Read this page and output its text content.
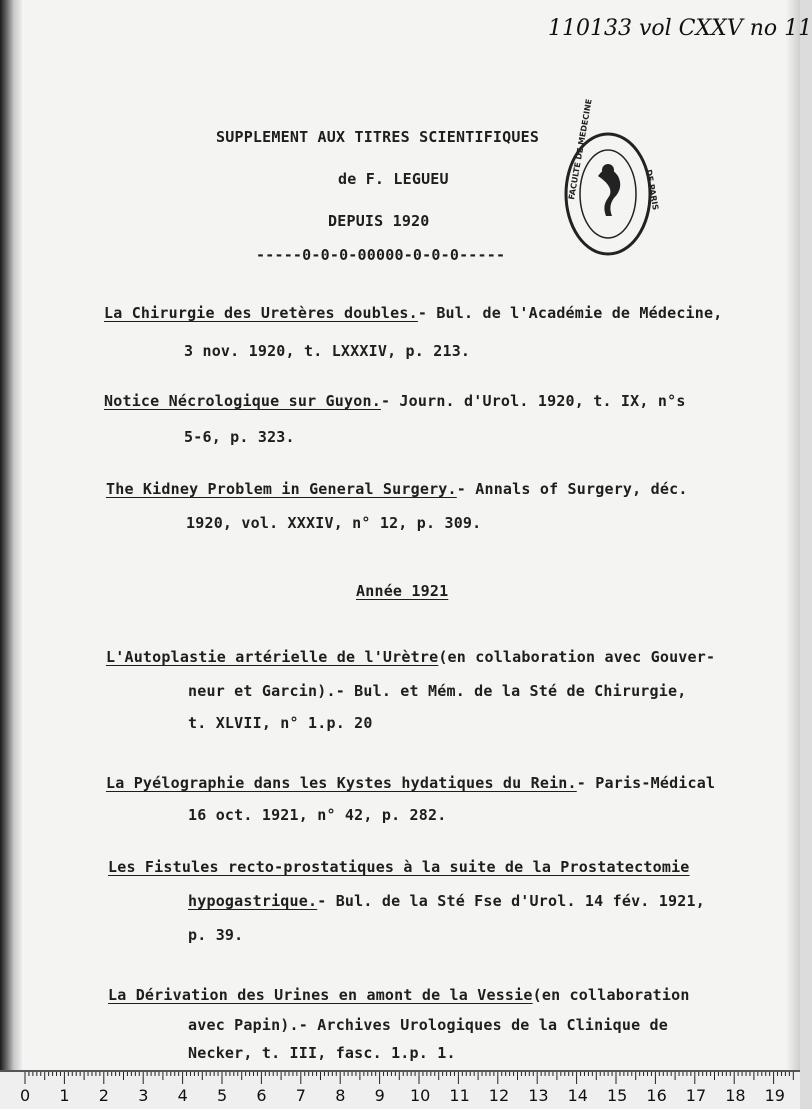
110133 vol CXXV no 11
FACULTE DE MEDECINE	DE PARIS
SUPPLEMENT AUX TITRES SCIENTIFIQUES
de F. LEGUEU
DEPUIS 1920
-----0-0-0-00000-0-0-0-----
La Chirurgie des Uretères doubles.- Bul. de l'Académie de Médecine,
3 nov. 1920, t. LXXXIV, p. 213.
Notice Nécrologique sur Guyon.- Journ. d'Urol. 1920, t. IX, n°s
5-6, p. 323.
The Kidney Problem in General Surgery.- Annals of Surgery, déc.
1920, vol. XXXIV, n° 12, p. 309.
Année 1921
L'Autoplastie artérielle de l'Urètre(en collaboration avec Gouver-
neur et Garcin).- Bul. et Mém. de la Sté de Chirurgie,
t. XLVII, n° 1.p. 20
La Pyélographie dans les Kystes hydatiques du Rein.- Paris-Médical
16 oct. 1921, n° 42, p. 282.
Les Fistules recto-prostatiques à la suite de la Prostatectomie
hypogastrique.- Bul. de la Sté Fse d'Urol. 14 fév. 1921,
p. 39.
La Dérivation des Urines en amont de la Vessie(en collaboration
avec Papin).- Archives Urologiques de la Clinique de
Necker, t. III, fasc. 1.p. 1.
0 1 2 3 4 5 6 7 8 9 10 11 12 13 14 15 16 17 18 19
